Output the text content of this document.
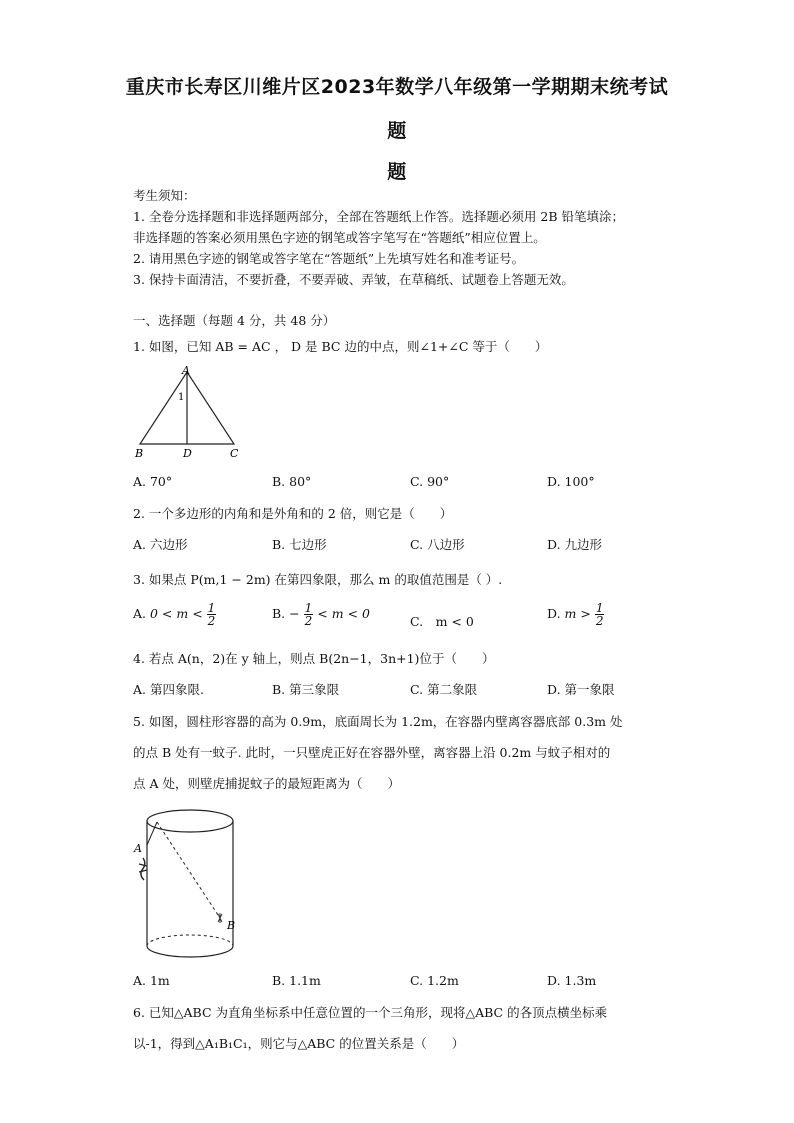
重庆市长寿区川维片区2023年数学八年级第一学期期末统考试
题
题
考生须知：
1. 全卷分选择题和非选择题两部分，全部在答题纸上作答。选择题必须用 2B 铅笔填涂；
非选择题的答案必须用黑色字迹的钢笔或答字笔写在“答题纸”相应位置上。
2. 请用黑色字迹的钢笔或答字笔在“答题纸”上先填写姓名和准考证号。
3. 保持卡面清洁，不要折叠，不要弄破、弄皱，在草稿纸、试题卷上答题无效。
一、选择题（每题 4 分，共 48 分）
1. 如图，已知 AB = AC ， D 是 BC 边的中点，则∠1+∠C 等于（　　）
A
1
B	D	C
A. 70°	B. 80°	C. 90°	D. 100°
2. 一个多边形的内角和是外角和的 2 倍，则它是（　　）
A. 六边形	B. 七边形	C. 八边形	D. 九边形
3. 如果点 P(m,1 − 2m) 在第四象限，那么 m 的取值范围是（ ）.
A. $0 < m < \frac{1}{2}$	B. − $\frac{1}{2} < m < 0$
C.　m < 0
D. $m > \frac{1}{2}$
4. 若点 A(n，2)在 y 轴上，则点 B(2n−1，3n+1)位于（　　）
A. 第四象限.	B. 第三象限	C. 第二象限	D. 第一象限
5. 如图，圆柱形容器的高为 0.9m，底面周长为 1.2m，在容器内壁离容器底部 0.3m 处
的点 B 处有一蚊子. 此时，一只壁虎正好在容器外壁，离容器上沿 0.2m 与蚊子相对的
点 A 处，则壁虎捕捉蚊子的最短距离为（　　）
A
B
A. 1m	B. 1.1m	C. 1.2m	D. 1.3m
6. 已知△ABC 为直角坐标系中任意位置的一个三角形，现将△ABC 的各顶点横坐标乘
以-1，得到△A₁B₁C₁，则它与△ABC 的位置关系是（　　）
